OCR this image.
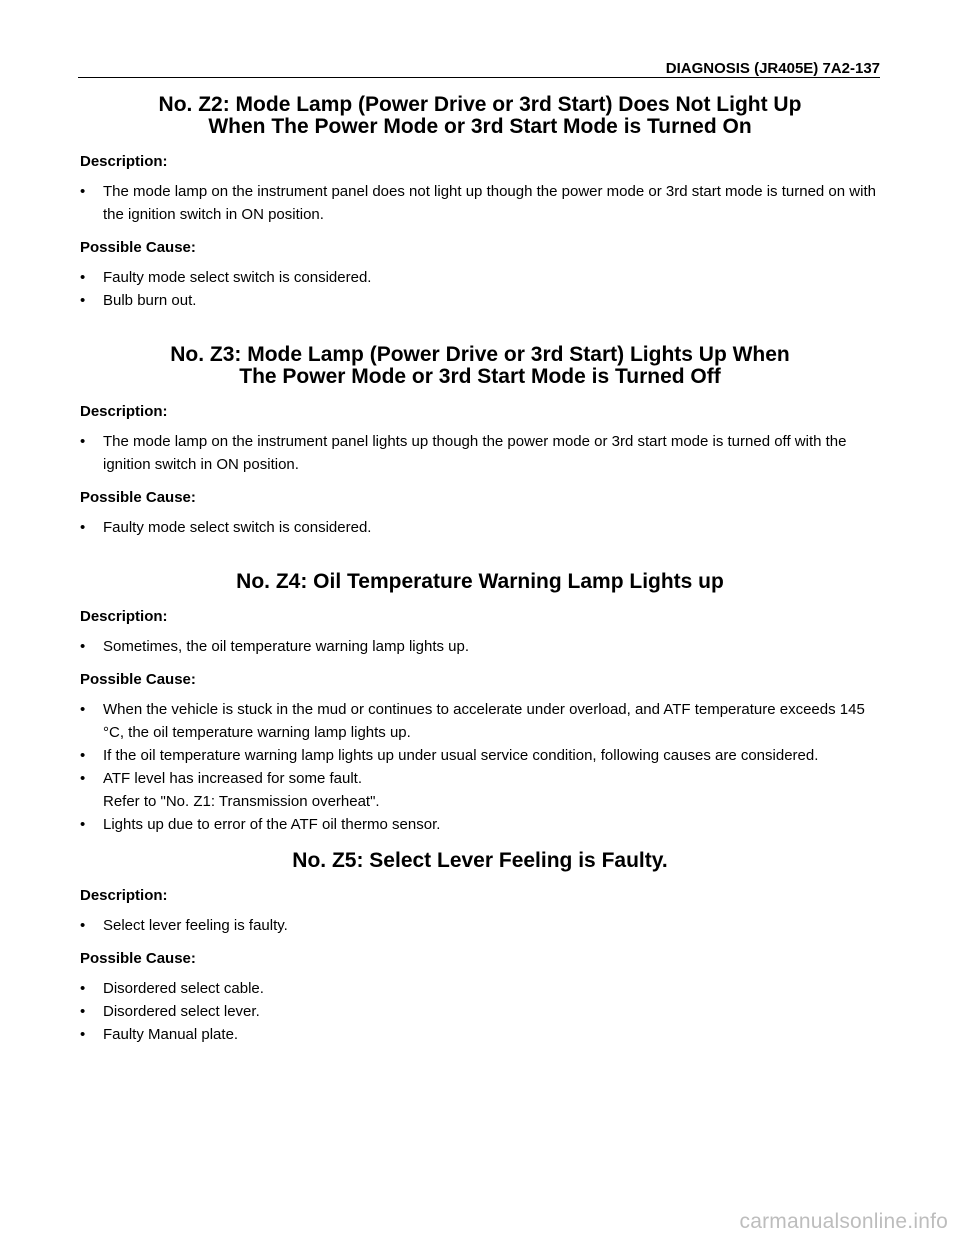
DIAGNOSIS (JR405E) 7A2-137
No. Z2: Mode Lamp (Power Drive or 3rd Start) Does Not Light Up
When The Power Mode or 3rd Start Mode is Turned On
Description:
•	The mode lamp on the instrument panel does not light up though the power mode or 3rd start mode is turned on with the ignition switch in ON position.
Possible Cause:
•	Faulty mode select switch is considered.
•	Bulb burn out.
No. Z3: Mode Lamp (Power Drive or 3rd Start) Lights Up When
The Power Mode or 3rd Start Mode is Turned Off
Description:
•	The mode lamp on the instrument panel lights up though the power mode or 3rd start mode is turned off with the ignition switch in ON position.
Possible Cause:
•	Faulty mode select switch is considered.
No. Z4: Oil Temperature Warning Lamp Lights up
Description:
•	Sometimes, the oil temperature warning lamp lights up.
Possible Cause:
•	When the vehicle is stuck in the mud or continues to accelerate under overload, and ATF temperature exceeds 145 °C, the oil temperature warning lamp lights up.
•	If the oil temperature warning lamp lights up under usual service condition, following causes are considered.
•	ATF level has increased for some fault.
Refer to "No. Z1: Transmission overheat".
•	Lights up due to error of the ATF oil thermo sensor.
No. Z5: Select Lever Feeling is Faulty.
Description:
•	Select lever feeling is faulty.
Possible Cause:
•	Disordered select cable.
•	Disordered select lever.
•	Faulty Manual plate.
carmanualsonline.info
